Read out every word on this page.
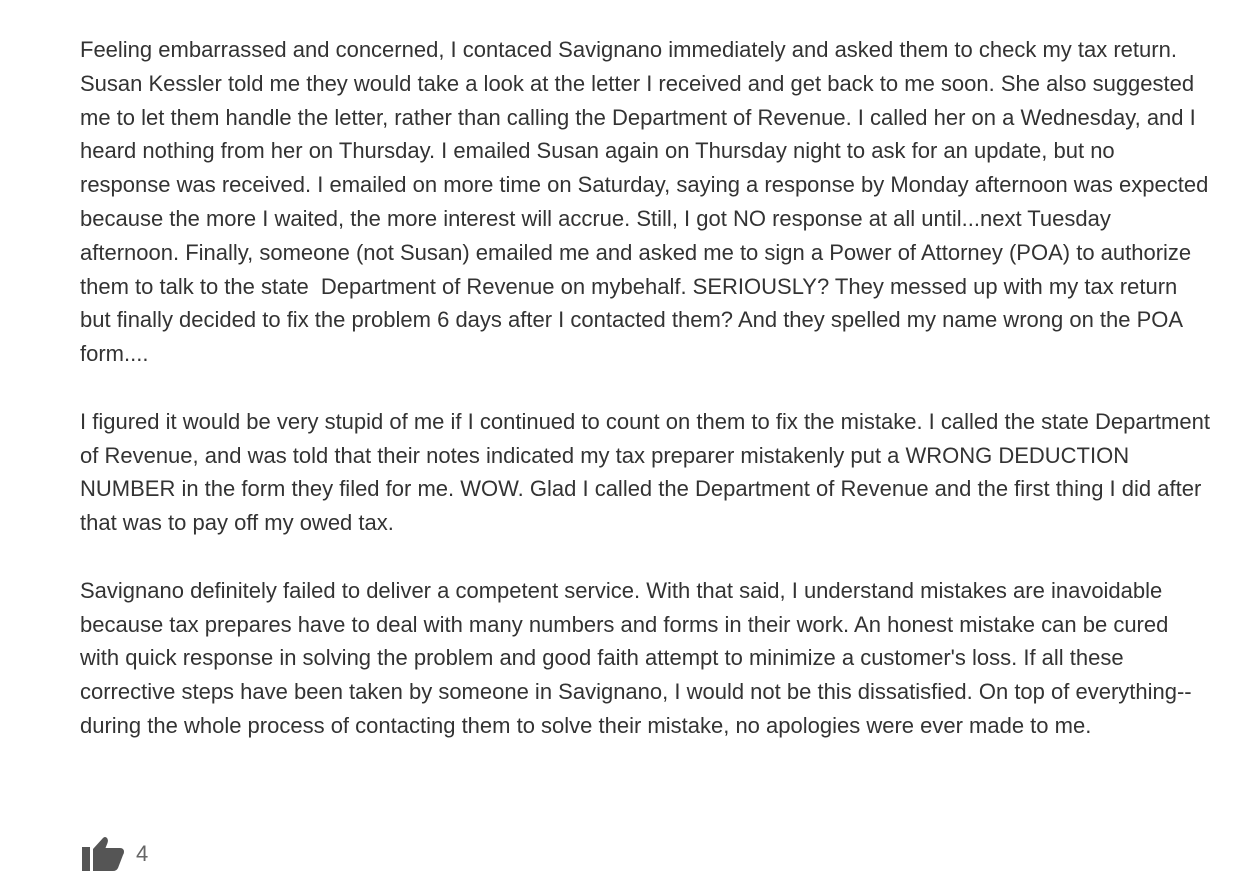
Feeling embarrassed and concerned, I contaced Savignano immediately and asked them to check my tax return. Susan Kessler told me they would take a look at the letter I received and get back to me soon. She also suggested me to let them handle the letter, rather than calling the Department of Revenue. I called her on a Wednesday, and I heard nothing from her on Thursday. I emailed Susan again on Thursday night to ask for an update, but no response was received. I emailed on more time on Saturday, saying a response by Monday afternoon was expected because the more I waited, the more interest will accrue. Still, I got NO response at all until...next Tuesday afternoon. Finally, someone (not Susan) emailed me and asked me to sign a Power of Attorney (POA) to authorize them to talk to the state  Department of Revenue on mybehalf. SERIOUSLY? They messed up with my tax return but finally decided to fix the problem 6 days after I contacted them? And they spelled my name wrong on the POA form....

I figured it would be very stupid of me if I continued to count on them to fix the mistake. I called the state Department of Revenue, and was told that their notes indicated my tax preparer mistakenly put a WRONG DEDUCTION NUMBER in the form they filed for me. WOW. Glad I called the Department of Revenue and the first thing I did after that was to pay off my owed tax.

Savignano definitely failed to deliver a competent service. With that said, I understand mistakes are inavoidable because tax prepares have to deal with many numbers and forms in their work. An honest mistake can be cured with quick response in solving the problem and good faith attempt to minimize a customer's loss. If all these corrective steps have been taken by someone in Savignano, I would not be this dissatisfied. On top of everything--during the whole process of contacting them to solve their mistake, no apologies were ever made to me.

4
